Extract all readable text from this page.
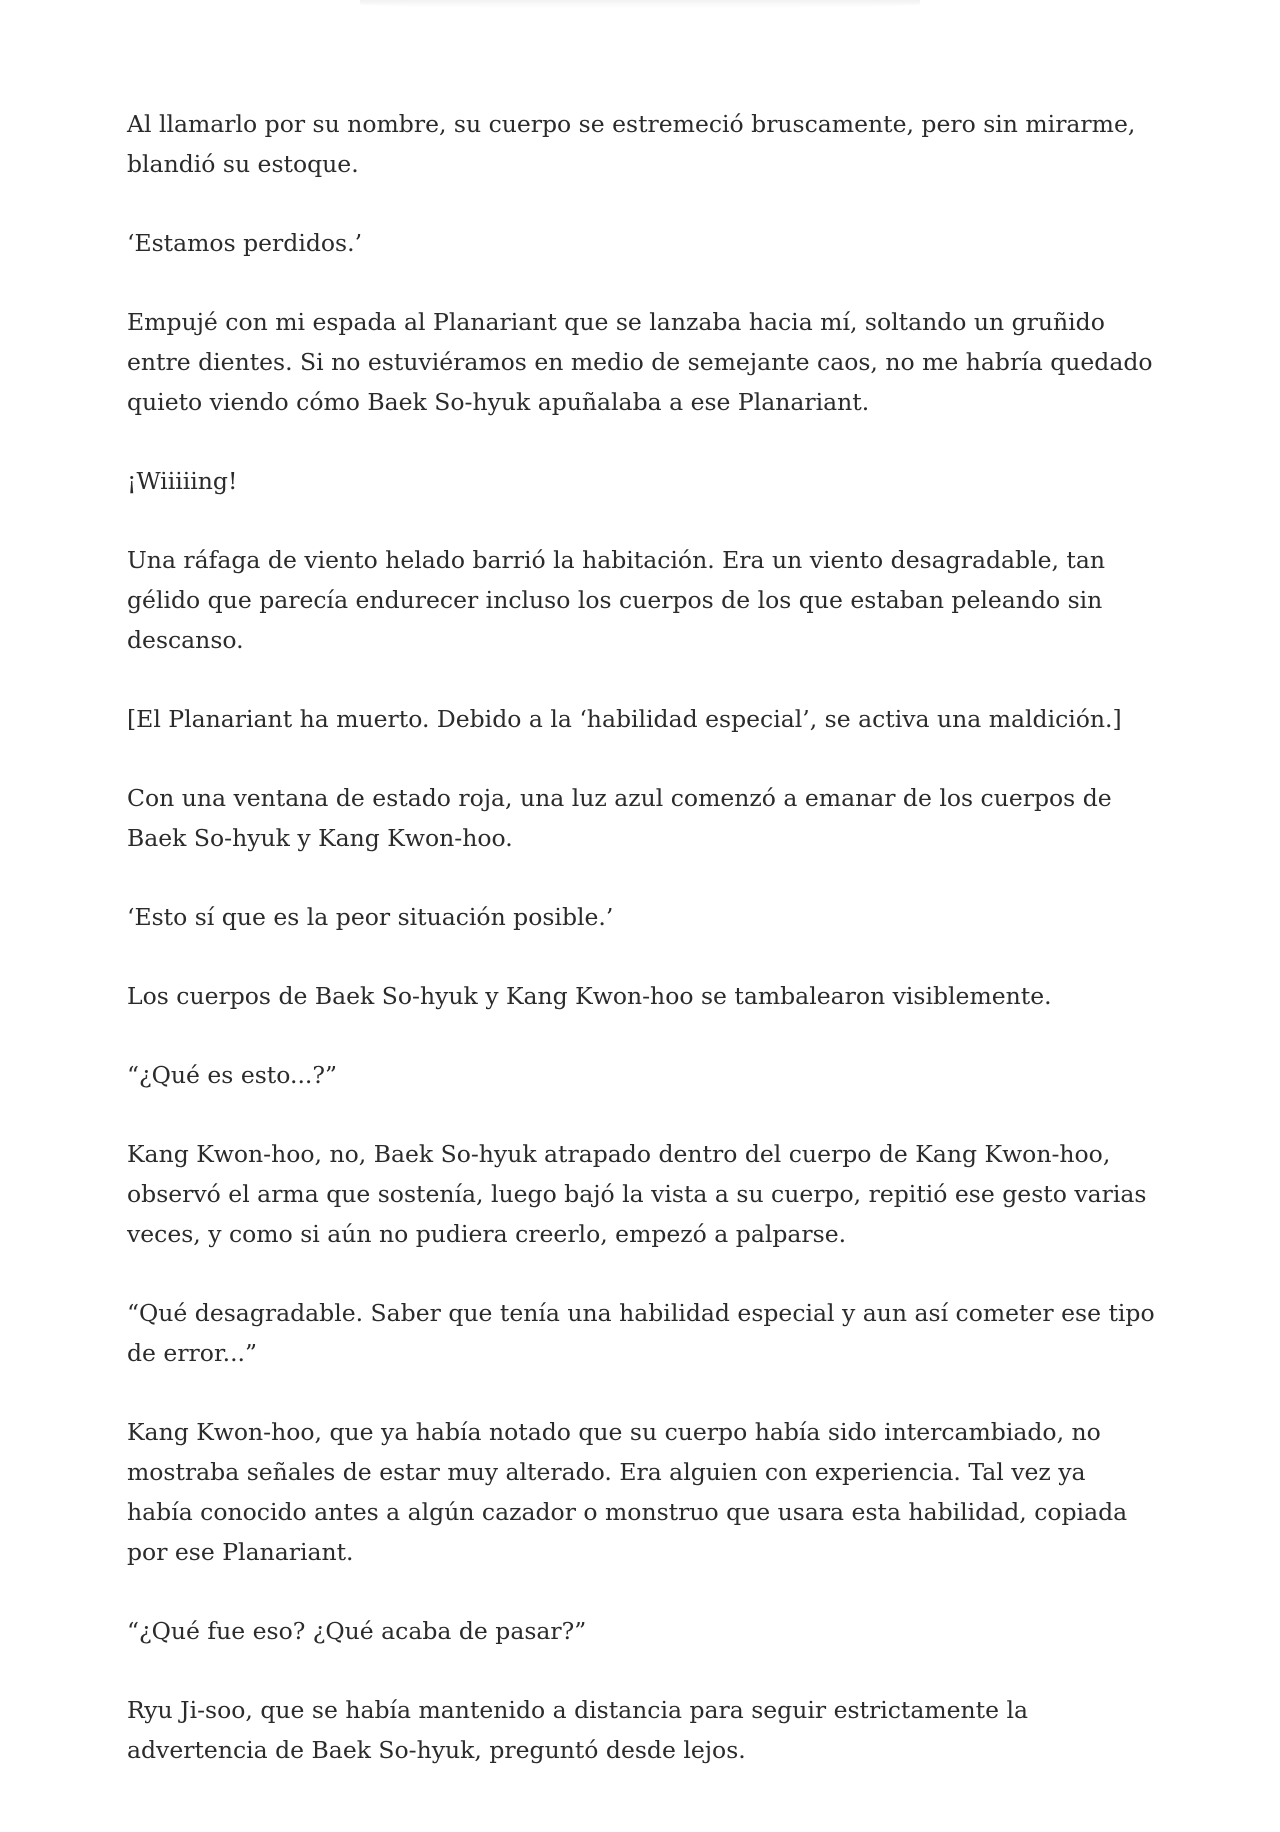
Al llamarlo por su nombre, su cuerpo se estremeció bruscamente, pero sin mirarme, blandió su estoque.

‘Estamos perdidos.’

Empujé con mi espada al Planariant que se lanzaba hacia mí, soltando un gruñido entre dientes. Si no estuviéramos en medio de semejante caos, no me habría quedado quieto viendo cómo Baek So-hyuk apuñalaba a ese Planariant.

¡Wiiiiing!

Una ráfaga de viento helado barrió la habitación. Era un viento desagradable, tan gélido que parecía endurecer incluso los cuerpos de los que estaban peleando sin descanso.

[El Planariant ha muerto. Debido a la ‘habilidad especial’, se activa una maldición.]

Con una ventana de estado roja, una luz azul comenzó a emanar de los cuerpos de Baek So-hyuk y Kang Kwon-hoo.

‘Esto sí que es la peor situación posible.’

Los cuerpos de Baek So-hyuk y Kang Kwon-hoo se tambalearon visiblemente.

“¿Qué es esto...?”

Kang Kwon-hoo, no, Baek So-hyuk atrapado dentro del cuerpo de Kang Kwon-hoo, observó el arma que sostenía, luego bajó la vista a su cuerpo, repitió ese gesto varias veces, y como si aún no pudiera creerlo, empezó a palparse.

“Qué desagradable. Saber que tenía una habilidad especial y aun así cometer ese tipo de error...”

Kang Kwon-hoo, que ya había notado que su cuerpo había sido intercambiado, no mostraba señales de estar muy alterado. Era alguien con experiencia. Tal vez ya había conocido antes a algún cazador o monstruo que usara esta habilidad, copiada por ese Planariant.

“¿Qué fue eso? ¿Qué acaba de pasar?”

Ryu Ji-soo, que se había mantenido a distancia para seguir estrictamente la advertencia de Baek So-hyuk, preguntó desde lejos.
